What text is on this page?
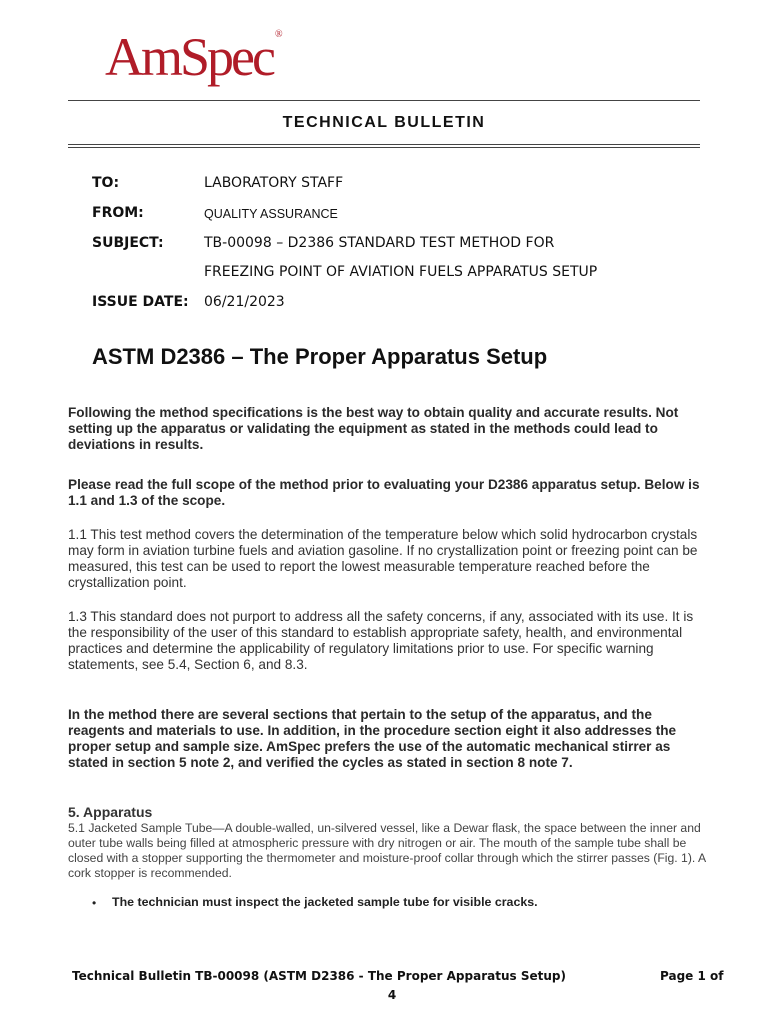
AmSpec ®
TECHNICAL BULLETIN
TO:	LABORATORY STAFF
FROM:	QUALITY ASSURANCE
SUBJECT:	TB-00098 – D2386 STANDARD TEST METHOD FOR
FREEZING POINT OF AVIATION FUELS APPARATUS SETUP
ISSUE DATE: 06/21/2023
ASTM D2386 – The Proper Apparatus Setup
Following the method specifications is the best way to obtain quality and accurate results. Not setting up the apparatus or validating the equipment as stated in the methods could lead to deviations in results.
Please read the full scope of the method prior to evaluating your D2386 apparatus setup. Below is 1.1 and 1.3 of the scope.
1.1 This test method covers the determination of the temperature below which solid hydrocarbon crystals may form in aviation turbine fuels and aviation gasoline. If no crystallization point or freezing point can be measured, this test can be used to report the lowest measurable temperature reached before the crystallization point.
1.3 This standard does not purport to address all the safety concerns, if any, associated with its use. It is the responsibility of the user of this standard to establish appropriate safety, health, and environmental practices and determine the applicability of regulatory limitations prior to use. For specific warning statements, see 5.4, Section 6, and 8.3.
In the method there are several sections that pertain to the setup of the apparatus, and the reagents and materials to use. In addition, in the procedure section eight it also addresses the proper setup and sample size. AmSpec prefers the use of the automatic mechanical stirrer as stated in section 5 note 2, and verified the cycles as stated in section 8 note 7.
5. Apparatus
5.1 Jacketed Sample Tube—A double-walled, un-silvered vessel, like a Dewar flask, the space between the inner and outer tube walls being filled at atmospheric pressure with dry nitrogen or air. The mouth of the sample tube shall be closed with a stopper supporting the thermometer and moisture-proof collar through which the stirrer passes (Fig. 1). A cork stopper is recommended.
• The technician must inspect the jacketed sample tube for visible cracks.
Technical Bulletin TB-00098 (ASTM D2386 - The Proper Apparatus Setup)	Page 1 of
4
